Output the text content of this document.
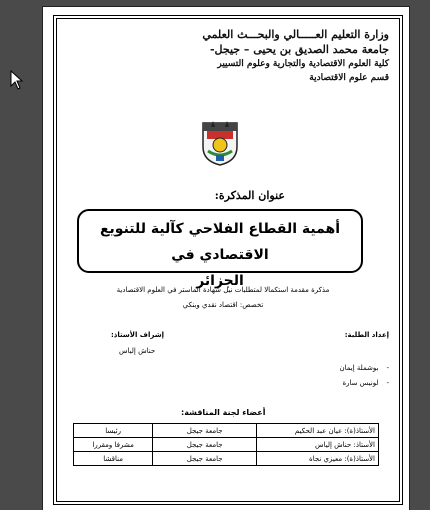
وزارة التعليم العـــــالي والبحـــث العلمي
جامعة محمد الصديق بن يحيى – جيجل-
كلية العلوم الاقتصادية والتجارية وعلوم التسيير
قسم علوم الاقتصادية
عنوان المذكرة:
أهمية القطاع الفلاحي كآلية للتنويع الاقتصادي في
الجزائر
مذكرة مقدمة استكمالا لمتطلبات نيل شهادة الماستر في العلوم الاقتصادية
تخصص: اقتصاد نقدي وبنكي
إعداد الطلبة:
إشراف الأستاذ:
حناش إلياس
-بوشملة إيمان
-لونيس سارة
أعضاء لجنة المناقشة:
الأستاذ(ة): عيان عبد الحكيم	جامعة جيجل	رئيسا
الأستاذ: حناش إلياس	جامعة جيجل	مشرفا ومقررا
الأستاذ(ة): معيزي نجاة	جامعة جيجل	مناقشا
